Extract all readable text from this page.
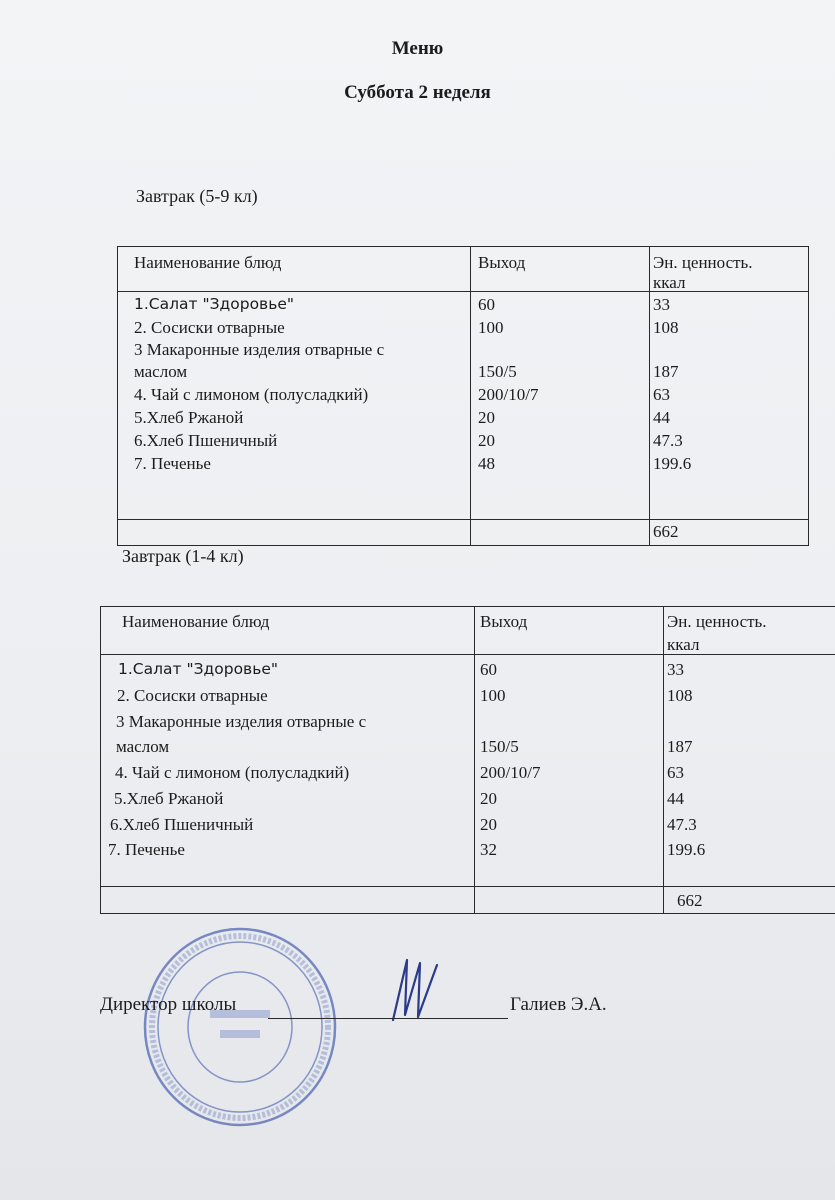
Меню
Суббота 2 неделя
Завтрак (5-9 кл)
Наименование блюд	Выход	Эн. ценность.
ккал
1.Салат "Здоровье"	60	33
2. Сосиски отварные	100	108
3 Макаронные изделия отварные с
маслом	150/5	187
4. Чай с лимоном (полусладкий)	200/10/7	63
5.Хлеб Ржаной	20	44
6.Хлеб Пшеничный	20	47.3
7. Печенье	48	199.6
662
Завтрак (1-4 кл)
Наименование блюд	Выход	Эн. ценность.
ккал
1.Салат "Здоровье"	60	33
2. Сосиски отварные	100	108
3 Макаронные изделия отварные с
маслом	150/5	187
4. Чай с лимоном (полусладкий)	200/10/7	63
5.Хлеб Ржаной	20	44
6.Хлеб Пшеничный	20	47.3
7. Печенье	32	199.6
662
Директор школы	Галиев Э.А.
